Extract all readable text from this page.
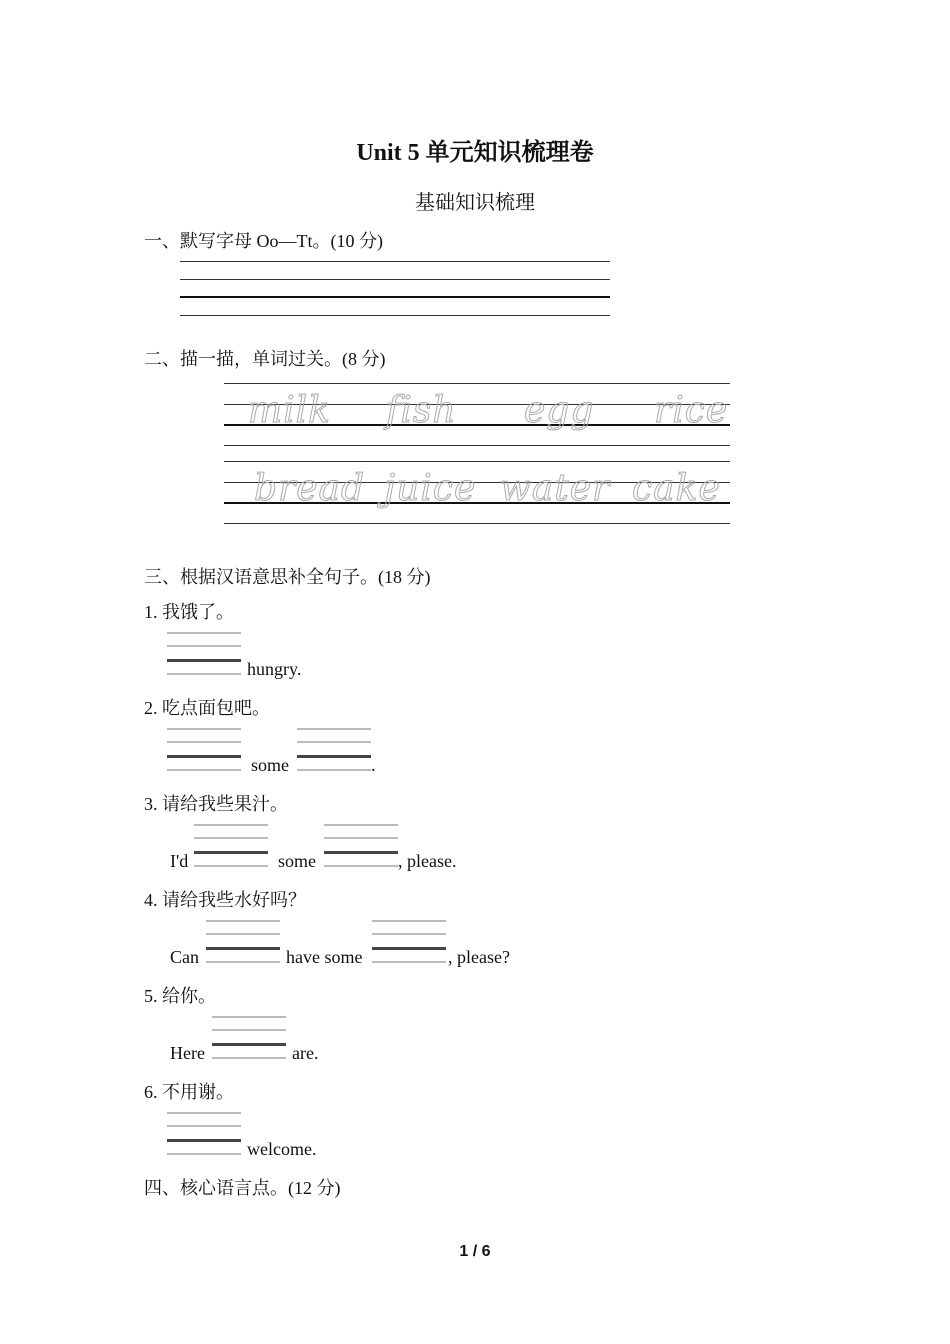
Unit 5 单元知识梳理卷
基础知识梳理
一、默写字母 Oo—Tt。(10 分)
二、描一描，单词过关。(8 分)
milk fish egg rice
bread juice water cake
三、根据汉语意思补全句子。(18 分)
1. 我饿了。
hungry.
2. 吃点面包吧。
some	.
3. 请给我些果汁。
I'd	some	, please.
4. 请给我些水好吗？
Can	have some	, please?
5. 给你。
Here	are.
6. 不用谢。
welcome.
四、核心语言点。(12 分)
1 / 6
